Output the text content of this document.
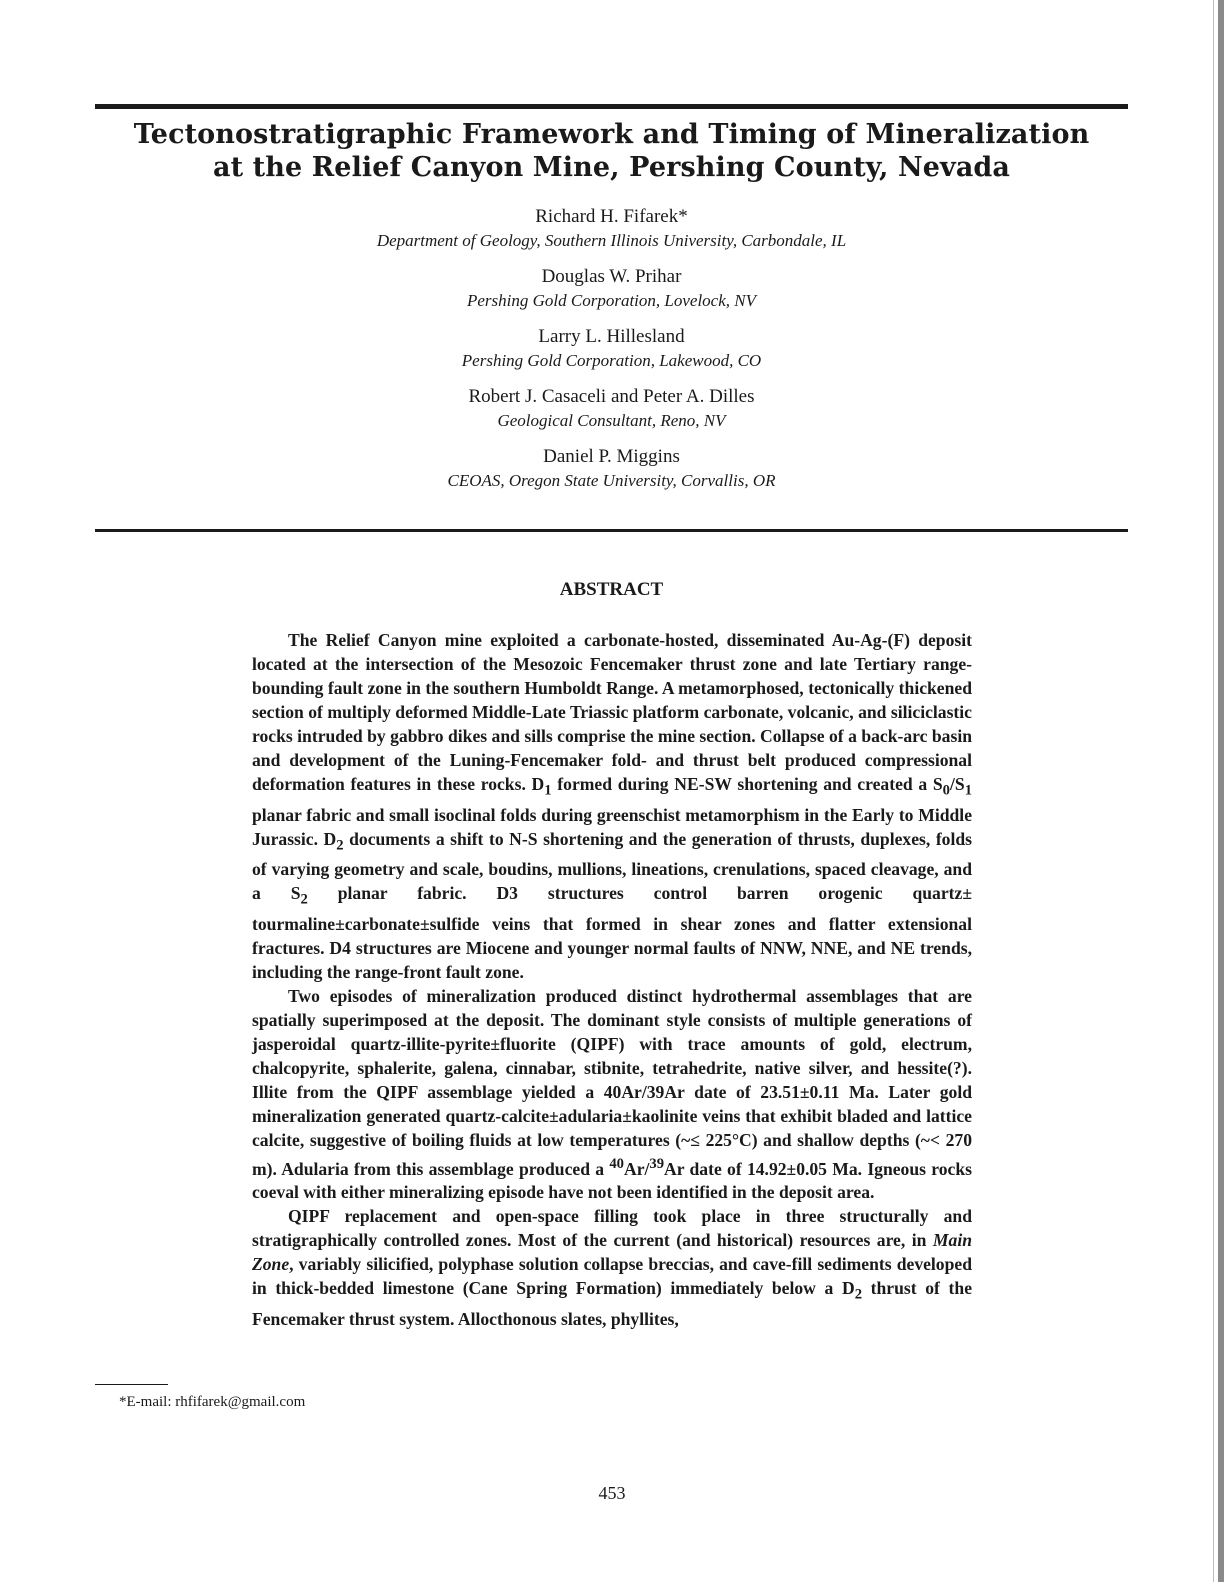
Tectonostratigraphic Framework and Timing of Mineralization
at the Relief Canyon Mine, Pershing County, Nevada
Richard H. Fifarek*
Department of Geology, Southern Illinois University, Carbondale, IL
Douglas W. Prihar
Pershing Gold Corporation, Lovelock, NV
Larry L. Hillesland
Pershing Gold Corporation, Lakewood, CO
Robert J. Casaceli and Peter A. Dilles
Geological Consultant, Reno, NV
Daniel P. Miggins
CEOAS, Oregon State University, Corvallis, OR
ABSTRACT

The Relief Canyon mine exploited a carbonate-hosted, disseminated Au-Ag-(F) deposit located at the intersection of the Mesozoic Fencemaker thrust zone and late Tertiary range-bounding fault zone in the southern Humboldt Range. A metamorphosed, tectonically thickened section of multiply deformed Middle-Late Triassic platform carbonate, volcanic, and siliciclastic rocks intruded by gabbro dikes and sills comprise the mine section. Collapse of a back-arc basin and development of the Luning-Fencemaker fold- and thrust belt produced compressional deformation features in these rocks. $D_1$ formed during NE-SW shortening and created a $S_0/S_1$ planar fabric and small isoclinal folds during greenschist metamorphism in the Early to Middle Jurassic. $D_2$ documents a shift to N-S shortening and the generation of thrusts, duplexes, folds of varying geometry and scale, boudins, mullions, lineations, crenulations, spaced cleavage, and a $S_2$ planar fabric. D3 structures control barren orogenic quartz± tourmaline±carbonate±sulfide veins that formed in shear zones and flatter extensional fractures. D4 structures are Miocene and younger normal faults of NNW, NNE, and NE trends, including the range-front fault zone.

Two episodes of mineralization produced distinct hydrothermal assemblages that are spatially superimposed at the deposit. The dominant style consists of multiple generations of jasperoidal quartz-illite-pyrite±fluorite (QIPF) with trace amounts of gold, electrum, chalcopyrite, sphalerite, galena, cinnabar, stibnite, tetrahedrite, native silver, and hessite(?). Illite from the QIPF assemblage yielded a 40Ar/39Ar date of 23.51±0.11 Ma. Later gold mineralization generated quartz-calcite±adularia±kaolinite veins that exhibit bladed and lattice calcite, suggestive of boiling fluids at low temperatures (~≤ 225°C) and shallow depths (~< 270 m). Adularia from this assemblage produced a $^{40}$Ar/$^{39}$Ar date of 14.92±0.05 Ma. Igneous rocks coeval with either mineralizing episode have not been identified in the deposit area.

QIPF replacement and open-space filling took place in three structurally and stratigraphically controlled zones. Most of the current (and historical) resources are, in Main Zone, variably silicified, polyphase solution collapse breccias, and cave-fill sediments developed in thick-bedded limestone (Cane Spring Formation) immediately below a $D_2$ thrust of the Fencemaker thrust system. Allocthonous slates, phyllites,

*E-mail: rhfifarek@gmail.com
453
